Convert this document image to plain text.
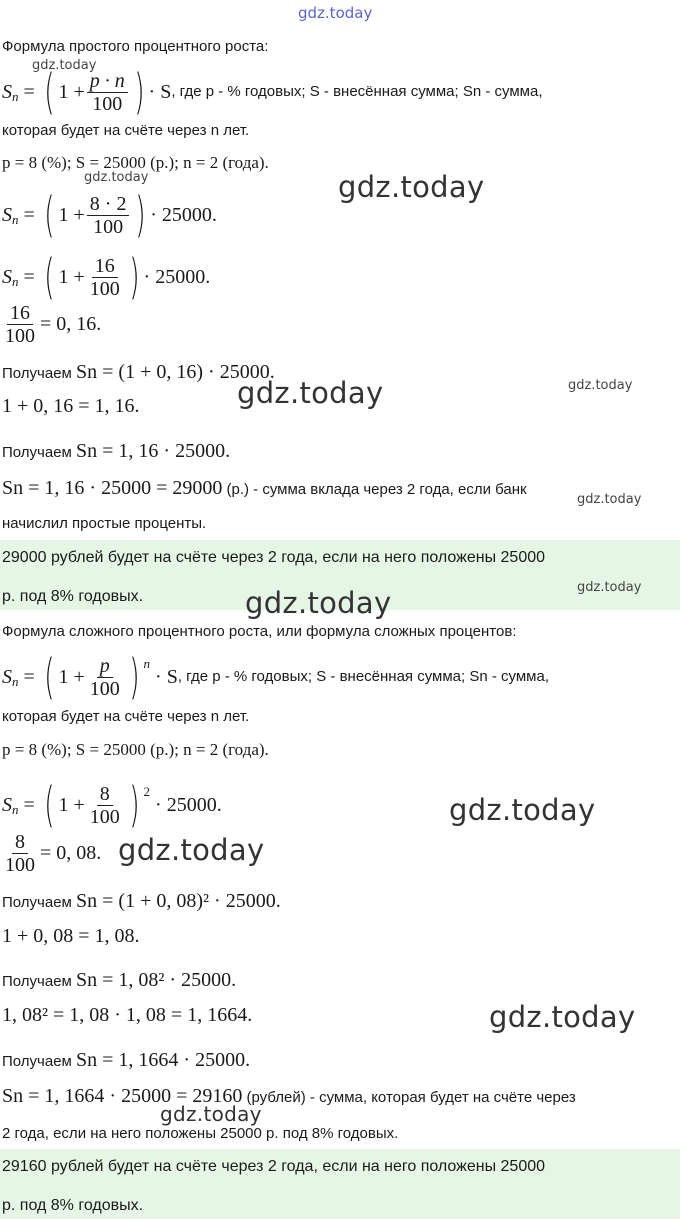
Формула простого процентного роста:
S n = ( $1 + \frac{p \cdot n}{100}$ ) · S , где p - % годовых; S - внесённая сумма; Sn - сумма,
которая будет на счёте через n лет.
p = 8 (%); S = 25000 (р.); n = 2 (года).
S n = ( $1 + \frac{8 \cdot 2}{100}$ ) · 25000.
S n = ( $1 + \frac{16}{100}$ ) · 25000.
$\frac{16}{100} = 0$, 16.
Получаем Sn = (1 + 0, 16) · 25000.
1 + 0, 16 = 1, 16.
Получаем Sn = 1, 16 · 25000.
Sn = 1, 16 · 25000 = 29000 (р.) - сумма вклада через 2 года, если банк
начислил простые проценты.
29000 рублей будет на счёте через 2 года, если на него положены 25000
р. под 8% годовых.
Формула сложного процентного роста, или формула сложных процентов:
S n = ( $1 + \frac{p}{100}$ ) n
· S , где p - % годовых; S - внесённая сумма; Sn - сумма,
которая будет на счёте через n лет.
p = 8 (%); S = 25000 (р.); n = 2 (года).
S n = ( $1 + \frac{8}{100}$ ) 2

· 25000.
$\frac{8}{100} = 0$, 08.
Получаем Sn = (1 + 0, 08)² · 25000.
1 + 0, 08 = 1, 08.
Получаем Sn = 1, 08² · 25000.
1, 08² = 1, 08 · 1, 08 = 1, 1664.
Получаем Sn = 1, 1664 · 25000.
Sn = 1, 1664 · 25000 = 29160 (рублей) - сумма, которая будет на счёте через
2 года, если на него положены 25000 р. под 8% годовых.
29160 рублей будет на счёте через 2 года, если на него положены 25000
р. под 8% годовых.
gdz.today
gdz.today
gdz.today	gdz.today
gdz.today	gdz.today
gdz.today
gdz.today
gdz.today
gdz.today
gdz.today
gdz.today
gdz.today
